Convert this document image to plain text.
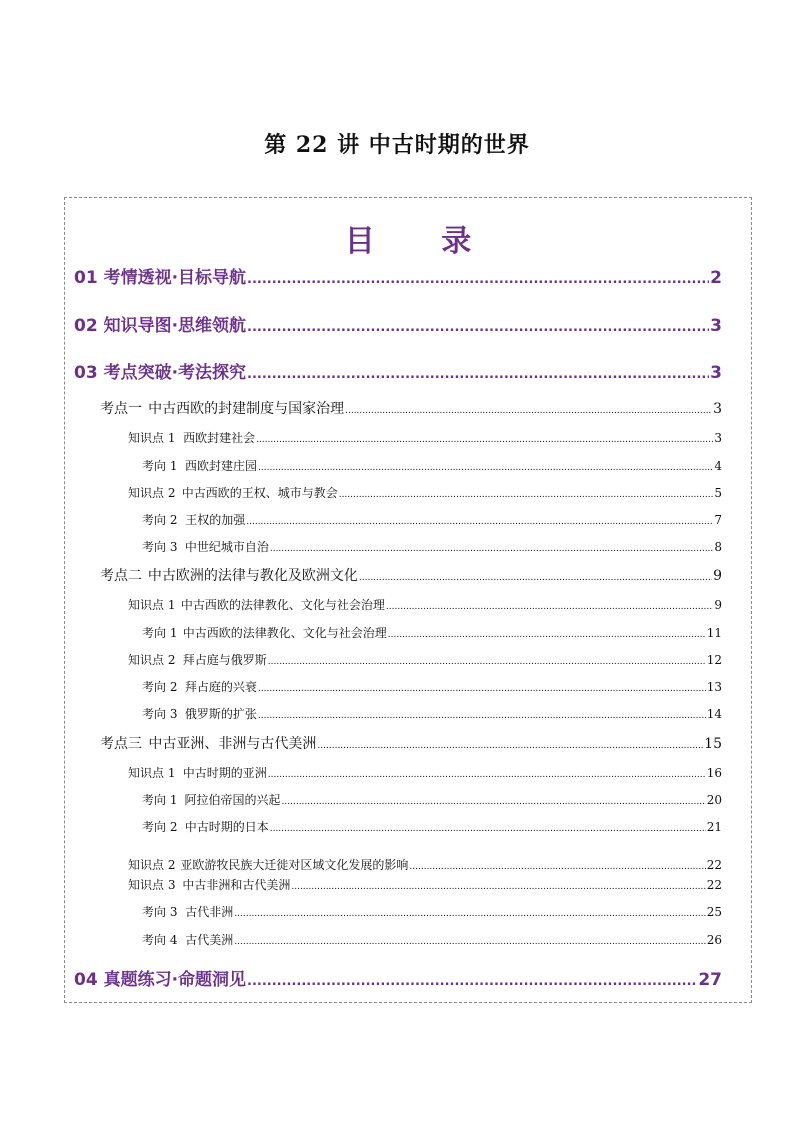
第 22 讲 中古时期的世界
目 录
01 考情透视·目标导航 .....	2
02 知识导图·思维领航 .....	3
03 考点突破·考法探究 .....	3
考点一 中古西欧的封建制度与国家治理 .....	3
知识点 1 西欧封建社会 .....	3
考向 1 西欧封建庄园 .....	4
知识点 2 中古西欧的王权、城市与教会 .....	5
考向 2 王权的加强 .....	7
考向 3 中世纪城市自治 .....	8
考点二 中古欧洲的法律与教化及欧洲文化 .....	9
知识点 1 中古西欧的法律教化、文化与社会治理 .....	9
考向 1 中古西欧的法律教化、文化与社会治理 .....	11
知识点 2 拜占庭与俄罗斯 .....	12
考向 2 拜占庭的兴衰 .....	13
考向 3 俄罗斯的扩张 .....	14
考点三 中古亚洲、非洲与古代美洲 .....	15
知识点 1 中古时期的亚洲 .....	16
考向 1 阿拉伯帝国的兴起 .....	20
考向 2 中古时期的日本 .....	21
知识点 2 亚欧游牧民族大迁徙对区域文化发展的影响 .....	22
知识点 3 中古非洲和古代美洲 .....	22
考向 3 古代非洲 .....	25
考向 4 古代美洲 .....	26
04 真题练习·命题洞见 .....	27
